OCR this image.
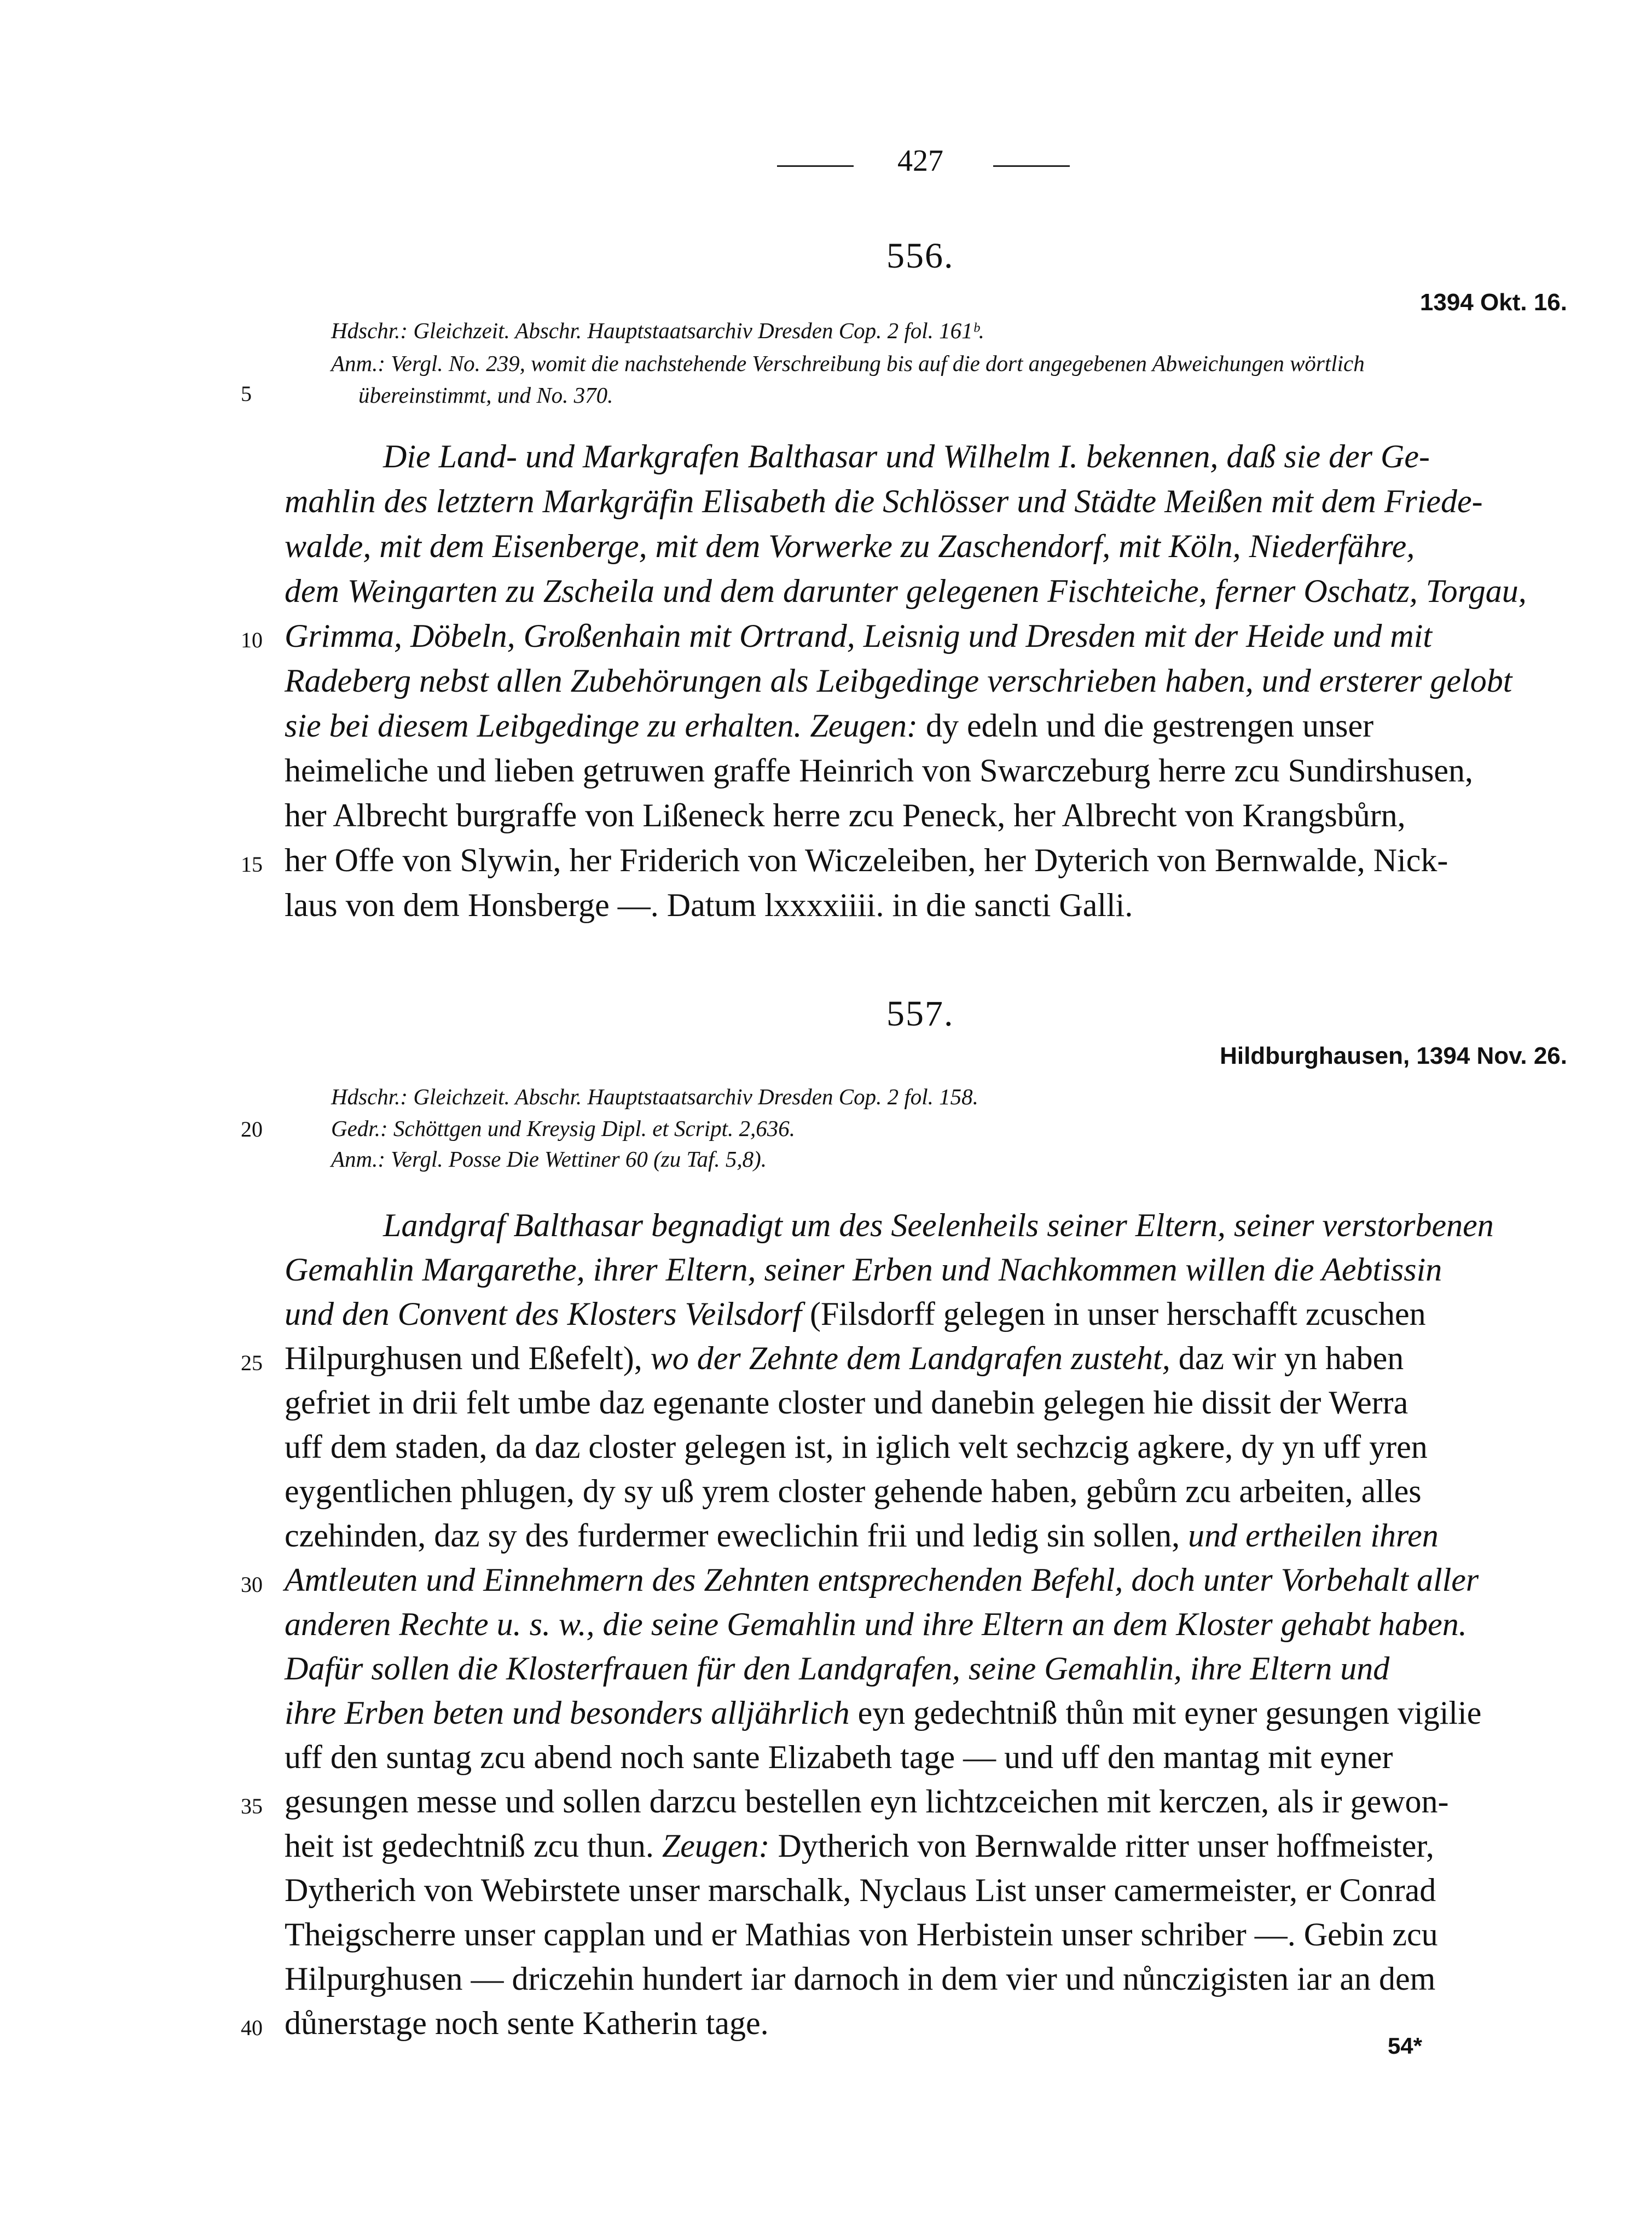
427
556.
1394 Okt. 16.
Hdschr.: Gleichzeit. Abschr. Hauptstaatsarchiv Dresden Cop. 2 fol. 161ᵇ.
Anm.: Vergl. No. 239, womit die nachstehende Verschreibung bis auf die dort angegebenen Abweichungen wörtlich
übereinstimmt, und No. 370.
5
Die Land- und Markgrafen Balthasar und Wilhelm I. bekennen, daß sie der Ge-
mahlin des letztern Markgräfin Elisabeth die Schlösser und Städte Meißen mit dem Friede-
walde, mit dem Eisenberge, mit dem Vorwerke zu Zaschendorf, mit Köln, Niederfähre,
dem Weingarten zu Zscheila und dem darunter gelegenen Fischteiche, ferner Oschatz, Torgau,
10 Grimma, Döbeln, Großenhain mit Ortrand, Leisnig und Dresden mit der Heide und mit
Radeberg nebst allen Zubehörungen als Leibgedinge verschrieben haben, und ersterer gelobt
sie bei diesem Leibgedinge zu erhalten. Zeugen: dy edeln und die gestrengen unser
heimeliche und lieben getruwen graffe Heinrich von Swarczeburg herre zcu Sundirshusen,
her Albrecht burgraffe von Lißeneck herre zcu Peneck, her Albrecht von Krangsbůrn,
15 her Offe von Slywin, her Friderich von Wiczeleiben, her Dyterich von Bernwalde, Nick-
laus von dem Honsberge —. Datum lxxxxiiii. in die sancti Galli.
557.
Hildburghausen, 1394 Nov. 26.
Hdschr.: Gleichzeit. Abschr. Hauptstaatsarchiv Dresden Cop. 2 fol. 158.
20	Gedr.: Schöttgen und Kreysig Dipl. et Script. 2,636.
Anm.: Vergl. Posse Die Wettiner 60 (zu Taf. 5,8).
Landgraf Balthasar begnadigt um des Seelenheils seiner Eltern, seiner verstorbenen
Gemahlin Margarethe, ihrer Eltern, seiner Erben und Nachkommen willen die Aebtissin
und den Convent des Klosters Veilsdorf (Filsdorff gelegen in unser herschafft zcuschen
25 Hilpurghusen und Eßefelt), wo der Zehnte dem Landgrafen zusteht, daz wir yn haben
gefriet in drii felt umbe daz egenante closter und danebin gelegen hie dissit der Werra
uff dem staden, da daz closter gelegen ist, in iglich velt sechzcig agkere, dy yn uff yren
eygentlichen phlugen, dy sy uß yrem closter gehende haben, gebůrn zcu arbeiten, alles
czehinden, daz sy des furdermer eweclichin frii und ledig sin sollen, und ertheilen ihren
30 Amtleuten und Einnehmern des Zehnten entsprechenden Befehl, doch unter Vorbehalt aller
anderen Rechte u. s. w., die seine Gemahlin und ihre Eltern an dem Kloster gehabt haben.
Dafür sollen die Klosterfrauen für den Landgrafen, seine Gemahlin, ihre Eltern und
ihre Erben beten und besonders alljährlich eyn gedechtniß thůn mit eyner gesungen vigilie
uff den suntag zcu abend noch sante Elizabeth tage — und uff den mantag mit eyner
35 gesungen messe und sollen darzcu bestellen eyn lichtzceichen mit kerczen, als ir gewon-
heit ist gedechtniß zcu thun. Zeugen: Dytherich von Bernwalde ritter unser hoffmeister,
Dytherich von Webirstete unser marschalk, Nyclaus List unser camermeister, er Conrad
Theigscherre unser capplan und er Mathias von Herbistein unser schriber —. Gebin zcu
Hilpurghusen — driczehin hundert iar darnoch in dem vier und nůnczigisten iar an dem
40 důnerstage noch sente Katherin tage.
54*
